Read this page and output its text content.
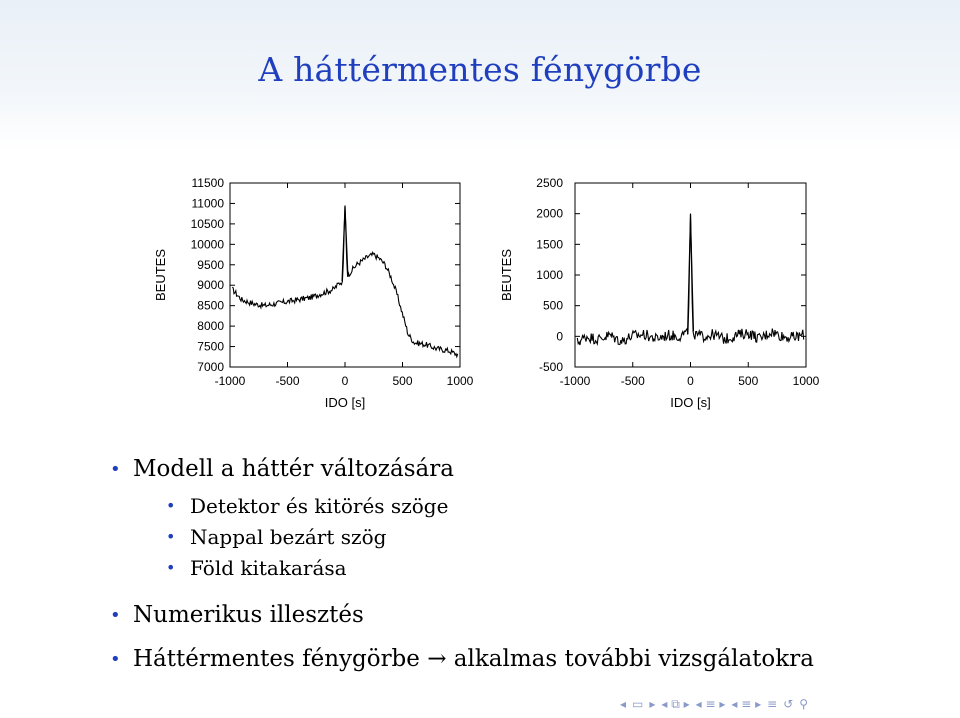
A háttérmentes fénygörbe
-1000	-500	0	500	1000
7000
7500
8000
8500
9000
9500
10000
10500
11000
11500
IDO [s]
BEUTES
-1000	-500	0	500	1000
-500
0
500
1000
1500
2000
2500
IDO [s]
BEUTES
• Modell a háttér változására
• Detektor és kitörés szöge
• Nappal bezárt szög
• Föld kitakarása
• Numerikus illesztés
• Háttérmentes fénygörbe → alkalmas további vizsgálatokra
◂ ▭ ▸ ◂ ⧉ ▸ ◂ ≡ ▸ ◂ ≡ ▸ ≡ ↺ ⚲
